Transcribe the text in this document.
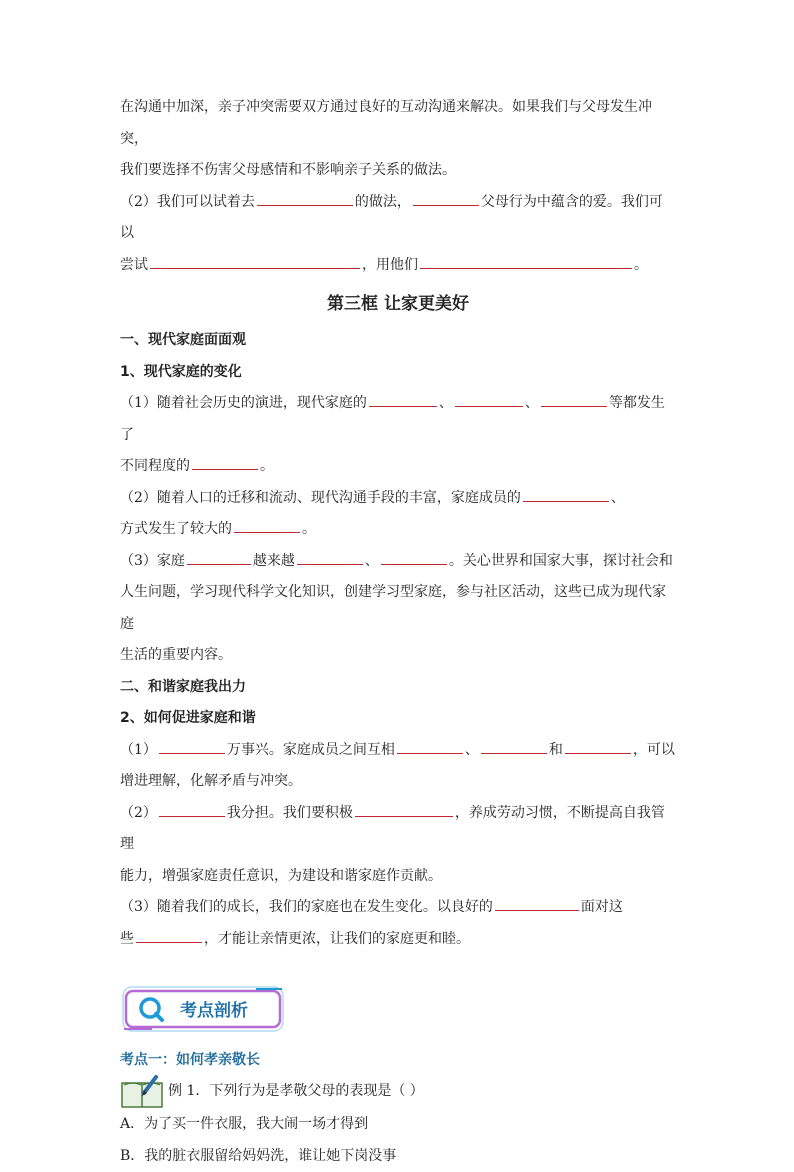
在沟通中加深，亲子冲突需要双方通过良好的互动沟通来解决。如果我们与父母发生冲突，

我们要选择不伤害父母感情和不影响亲子关系的做法。

（2）我们可以试着去	的做法，	父母行为中蕴含的爱。我们可以

尝试	，用他们	。

第三框 让家更美好

一、现代家庭面面观

1、现代家庭的变化

（1）随着社会历史的演进，现代家庭的	、	、	等都发生了

不同程度的	。

（2）随着人口的迁移和流动、现代沟通手段的丰富，家庭成员的	、

方式发生了较大的	。

（3）家庭	越来越	、	。关心世界和国家大事，探讨社会和

人生问题，学习现代科学文化知识，创建学习型家庭，参与社区活动，这些已成为现代家庭

生活的重要内容。

二、和谐家庭我出力

2、如何促进家庭和谐

（1）	万事兴。家庭成员之间互相	、	和	，可以

增进理解，化解矛盾与冲突。

（2）	我分担。我们要积极	，养成劳动习惯，不断提高自我管理

能力，增强家庭责任意识，为建设和谐家庭作贡献。

（3）随着我们的成长，我们的家庭也在发生变化。以良好的	面对这

些	，才能让亲情更浓，让我们的家庭更和睦。

考点剖析
考点一：如何孝亲敬长
例 1．下列行为是孝敬父母的表现是（ ）

A．为了买一件衣服，我大闹一场才得到

B．我的脏衣服留给妈妈洗，谁让她下岗没事
